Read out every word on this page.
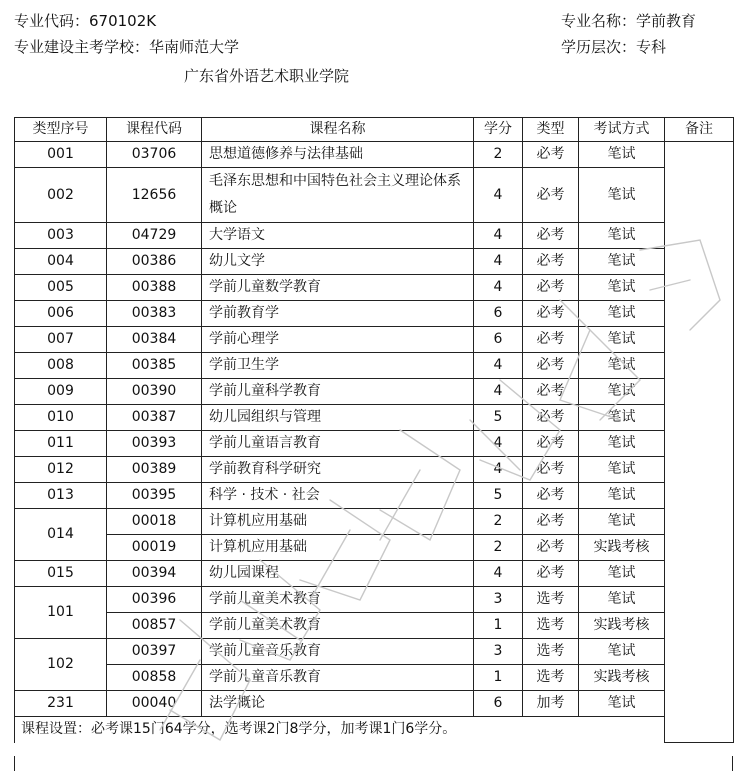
专业代码：670102K
专业建设主考学校：华南师范大学
广东省外语艺术职业学院
专业名称：学前教育
学历层次：专科
类型序号	课程代码	课程名称	学分	类型	考试方式	备注
001	03706	思想道德修养与法律基础	2	必考	笔试	
002	12656	毛泽东思想和中国特色社会主义理论体系概论	4	必考	笔试	
003	04729	大学语文	4	必考	笔试	
004	00386	幼儿文学	4	必考	笔试	
005	00388	学前儿童数学教育	4	必考	笔试	
006	00383	学前教育学	6	必考	笔试	
007	00384	学前心理学	6	必考	笔试	
008	00385	学前卫生学	4	必考	笔试	
009	00390	学前儿童科学教育	4	必考	笔试	
010	00387	幼儿园组织与管理	5	必考	笔试	
011	00393	学前儿童语言教育	4	必考	笔试	
012	00389	学前教育科学研究	4	必考	笔试	
013	00395	科学 · 技术 · 社会	5	必考	笔试	
014	00018	计算机应用基础	2	必考	笔试	
	00019	计算机应用基础	2	必考	实践考核	
015	00394	幼儿园课程	4	必考	笔试	
101	00396	学前儿童美术教育	3	选考	笔试	
	00857	学前儿童美术教育	1	选考	实践考核	
102	00397	学前儿童音乐教育	3	选考	笔试	
	00858	学前儿童音乐教育	1	选考	实践考核	
231	00040	法学概论	6	加考	笔试	
课程设置：必考课15门64学分，选考课2门8学分，加考课1门6学分。						
